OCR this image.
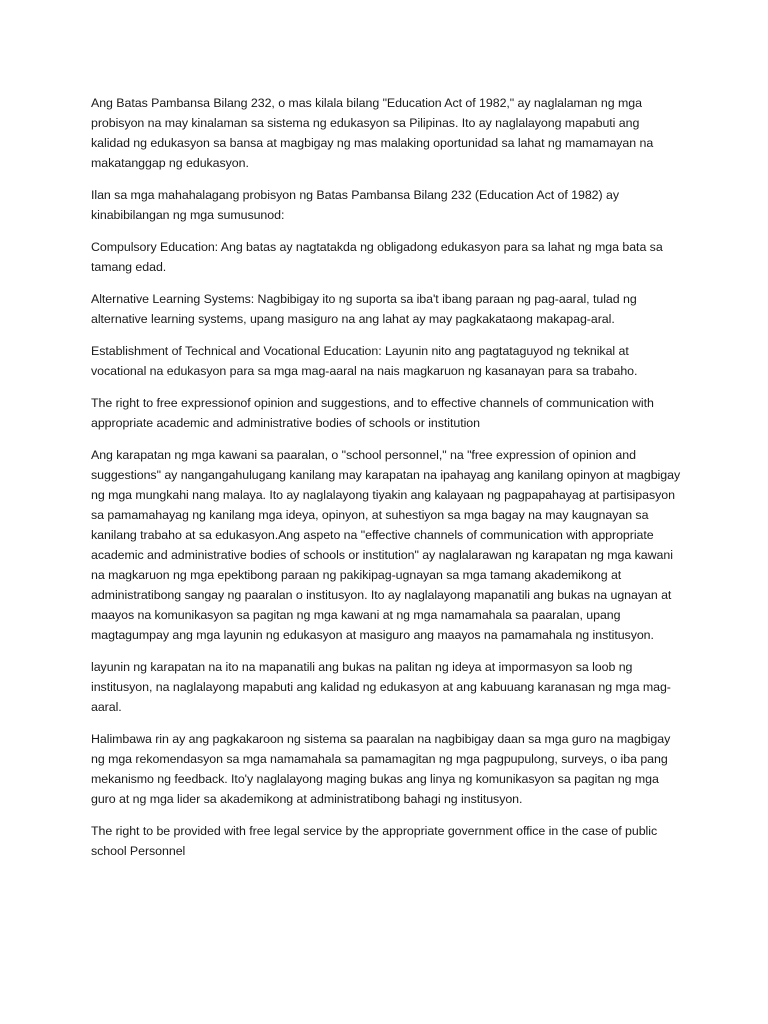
Ang Batas Pambansa Bilang 232, o mas kilala bilang "Education Act of 1982," ay naglalaman ng mga probisyon na may kinalaman sa sistema ng edukasyon sa Pilipinas. Ito ay naglalayong mapabuti ang kalidad ng edukasyon sa bansa at magbigay ng mas malaking oportunidad sa lahat ng mamamayan na makatanggap ng edukasyon.

Ilan sa mga mahahalagang probisyon ng Batas Pambansa Bilang 232 (Education Act of 1982) ay kinabibilangan ng mga sumusunod:

Compulsory Education: Ang batas ay nagtatakda ng obligadong edukasyon para sa lahat ng mga bata sa tamang edad.

Alternative Learning Systems: Nagbibigay ito ng suporta sa iba't ibang paraan ng pag-aaral, tulad ng alternative learning systems, upang masiguro na ang lahat ay may pagkakataong makapag-aral.

Establishment of Technical and Vocational Education: Layunin nito ang pagtataguyod ng teknikal at vocational na edukasyon para sa mga mag-aaral na nais magkaruon ng kasanayan para sa trabaho.

The right to free expressionof opinion and suggestions, and to effective channels of communication with appropriate academic and administrative bodies of schools or institution

Ang karapatan ng mga kawani sa paaralan, o "school personnel," na "free expression of opinion and suggestions" ay nangangahulugang kanilang may karapatan na ipahayag ang kanilang opinyon at magbigay ng mga mungkahi nang malaya. Ito ay naglalayong tiyakin ang kalayaan ng pagpapahayag at partisipasyon sa pamamahayag ng kanilang mga ideya, opinyon, at suhestiyon sa mga bagay na may kaugnayan sa kanilang trabaho at sa edukasyon.Ang aspeto na "effective channels of communication with appropriate academic and administrative bodies of schools or institution" ay naglalarawan ng karapatan ng mga kawani na magkaruon ng mga epektibong paraan ng pakikipag-ugnayan sa mga tamang akademikong at administratibong sangay ng paaralan o institusyon. Ito ay naglalayong mapanatili ang bukas na ugnayan at maayos na komunikasyon sa pagitan ng mga kawani at ng mga namamahala sa paaralan, upang magtagumpay ang mga layunin ng edukasyon at masiguro ang maayos na pamamahala ng institusyon.

layunin ng karapatan na ito na mapanatili ang bukas na palitan ng ideya at impormasyon sa loob ng institusyon, na naglalayong mapabuti ang kalidad ng edukasyon at ang kabuuang karanasan ng mga mag-aaral.

Halimbawa rin ay ang pagkakaroon ng sistema sa paaralan na nagbibigay daan sa mga guro na magbigay ng mga rekomendasyon sa mga namamahala sa pamamagitan ng mga pagpupulong, surveys, o iba pang mekanismo ng feedback. Ito'y naglalayong maging bukas ang linya ng komunikasyon sa pagitan ng mga guro at ng mga lider sa akademikong at administratibong bahagi ng institusyon.

The right to be provided with free legal service by the appropriate government office in the case of public school Personnel
